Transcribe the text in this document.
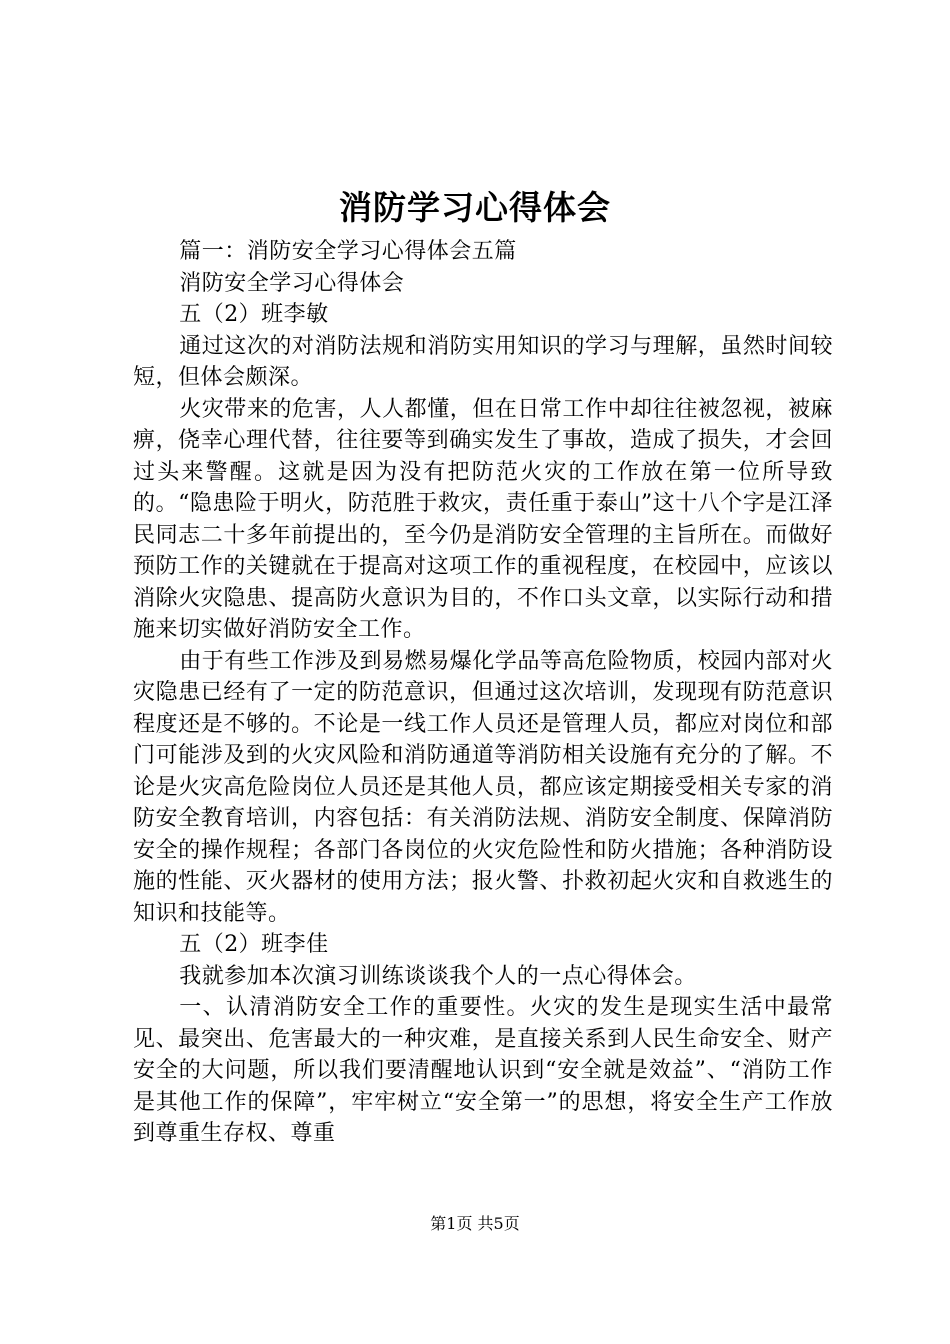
消防学习心得体会

篇一：消防安全学习心得体会五篇

消防安全学习心得体会

五（2）班李敏

通过这次的对消防法规和消防实用知识的学习与理解，虽然时间较短，但体会颇深。

火灾带来的危害，人人都懂，但在日常工作中却往往被忽视，被麻痹，侥幸心理代替，往往要等到确实发生了事故，造成了损失，才会回过头来警醒。这就是因为没有把防范火灾的工作放在第一位所导致的。“隐患险于明火，防范胜于救灾，责任重于泰山”这十八个字是江泽民同志二十多年前提出的，至今仍是消防安全管理的主旨所在。而做好预防工作的关键就在于提高对这项工作的重视程度，在校园中，应该以消除火灾隐患、提高防火意识为目的，不作口头文章，以实际行动和措施来切实做好消防安全工作。

由于有些工作涉及到易燃易爆化学品等高危险物质，校园内部对火灾隐患已经有了一定的防范意识，但通过这次培训，发现现有防范意识程度还是不够的。不论是一线工作人员还是管理人员，都应对岗位和部门可能涉及到的火灾风险和消防通道等消防相关设施有充分的了解。不论是火灾高危险岗位人员还是其他人员，都应该定期接受相关专家的消防安全教育培训，内容包括：有关消防法规、消防安全制度、保障消防安全的操作规程；各部门各岗位的火灾危险性和防火措施；各种消防设施的性能、灭火器材的使用方法；报火警、扑救初起火灾和自救逃生的知识和技能等。

五（2）班李佳

我就参加本次演习训练谈谈我个人的一点心得体会。

一、认清消防安全工作的重要性。火灾的发生是现实生活中最常见、最突出、危害最大的一种灾难，是直接关系到人民生命安全、财产安全的大问题，所以我们要清醒地认识到“安全就是效益”、“消防工作是其他工作的保障”，牢牢树立“安全第一”的思想，将安全生产工作放到尊重生存权、尊重

第1页 共5页
